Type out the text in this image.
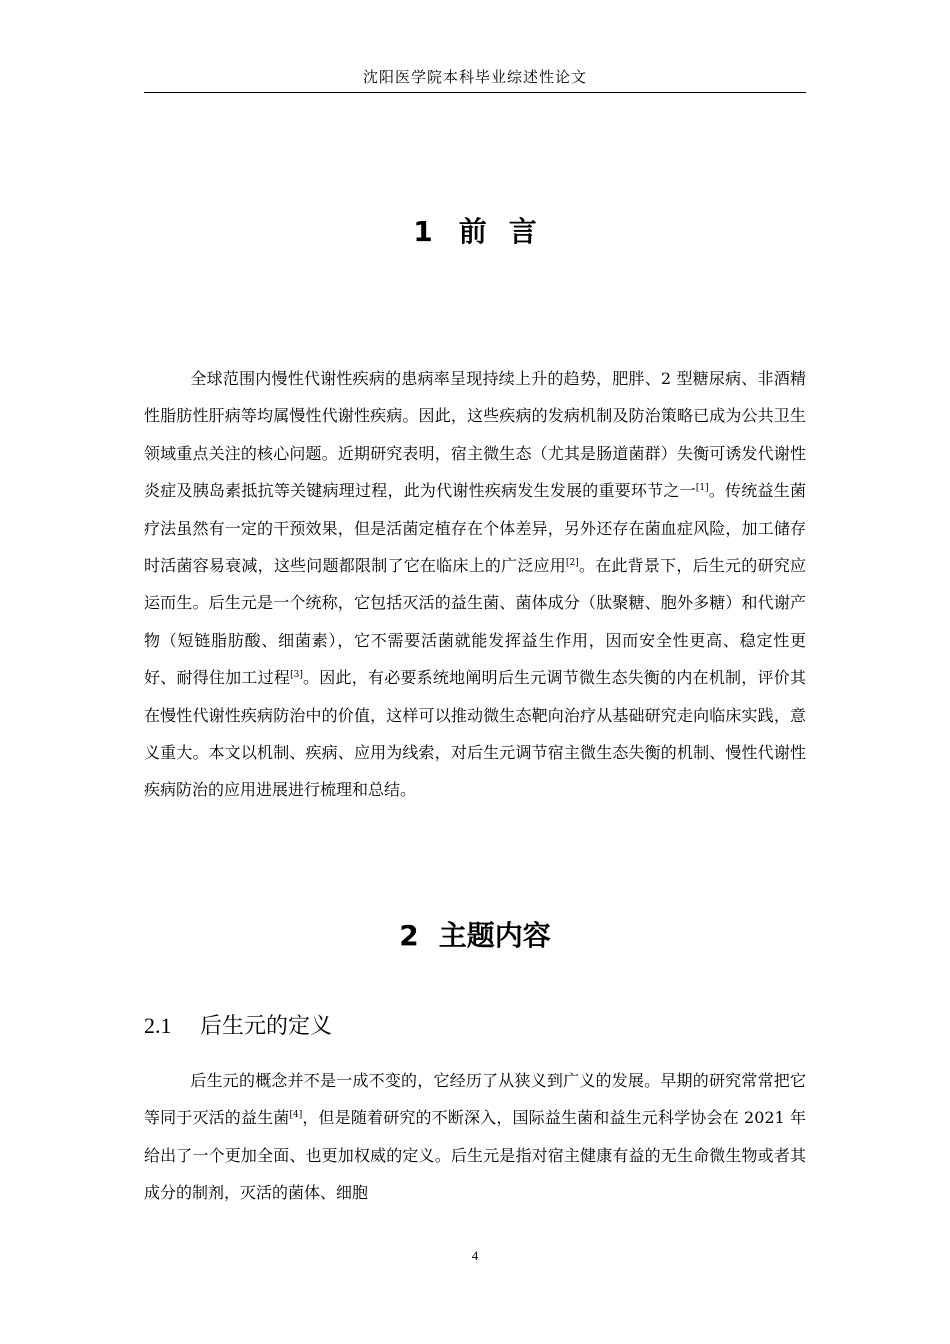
沈阳医学院本科毕业综述性论文
1 前 言

全球范围内慢性代谢性疾病的患病率呈现持续上升的趋势，肥胖、2 型糖尿病、非酒精性脂肪性肝病等均属慢性代谢性疾病。因此，这些疾病的发病机制及防治策略已成为公共卫生领域重点关注的核心问题。近期研究表明，宿主微生态（尤其是肠道菌群）失衡可诱发代谢性炎症及胰岛素抵抗等关键病理过程，此为代谢性疾病发生发展的重要环节之一[1]。传统益生菌疗法虽然有一定的干预效果，但是活菌定植存在个体差异，另外还存在菌血症风险，加工储存时活菌容易衰减，这些问题都限制了它在临床上的广泛应用[2]。在此背景下，后生元的研究应运而生。后生元是一个统称，它包括灭活的益生菌、菌体成分（肽聚糖、胞外多糖）和代谢产物（短链脂肪酸、细菌素），它不需要活菌就能发挥益生作用，因而安全性更高、稳定性更好、耐得住加工过程[3]。因此，有必要系统地阐明后生元调节微生态失衡的内在机制，评价其在慢性代谢性疾病防治中的价值，这样可以推动微生态靶向治疗从基础研究走向临床实践，意义重大。本文以机制、疾病、应用为线索，对后生元调节宿主微生态失衡的机制、慢性代谢性疾病防治的应用进展进行梳理和总结。

2 主题内容
2.1 后生元的定义

后生元的概念并不是一成不变的，它经历了从狭义到广义的发展。早期的研究常常把它等同于灭活的益生菌[4]，但是随着研究的不断深入，国际益生菌和益生元科学协会在 2021 年给出了一个更加全面、也更加权威的定义。后生元是指对宿主健康有益的无生命微生物或者其成分的制剂，灭活的菌体、细胞

4
